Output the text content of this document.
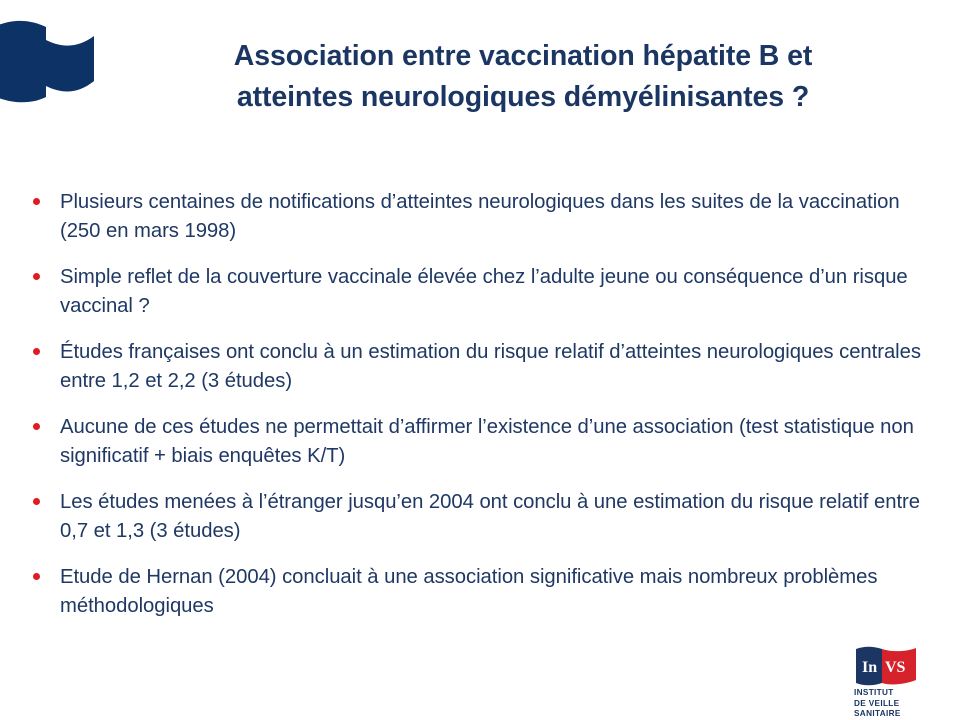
Association entre vaccination hépatite B et
atteintes neurologiques démyélinisantes ?
Plusieurs centaines de notifications d’atteintes neurologiques dans les suites de la vaccination (250 en mars 1998)
Simple reflet de la couverture vaccinale élevée chez l’adulte jeune ou conséquence d’un risque vaccinal ?
Études françaises ont conclu à un estimation du risque relatif d’atteintes neurologiques centrales entre 1,2 et 2,2 (3 études)
Aucune de ces études ne permettait d’affirmer l’existence d’une association (test statistique non significatif + biais enquêtes K/T)
Les études menées à l’étranger jusqu’en 2004 ont conclu à une estimation du risque relatif entre 0,7 et 1,3 (3 études)
Etude de Hernan (2004) concluait à une association significative mais nombreux problèmes méthodologiques
In VS
INSTITUT
DE VEILLE SANITAIRE
